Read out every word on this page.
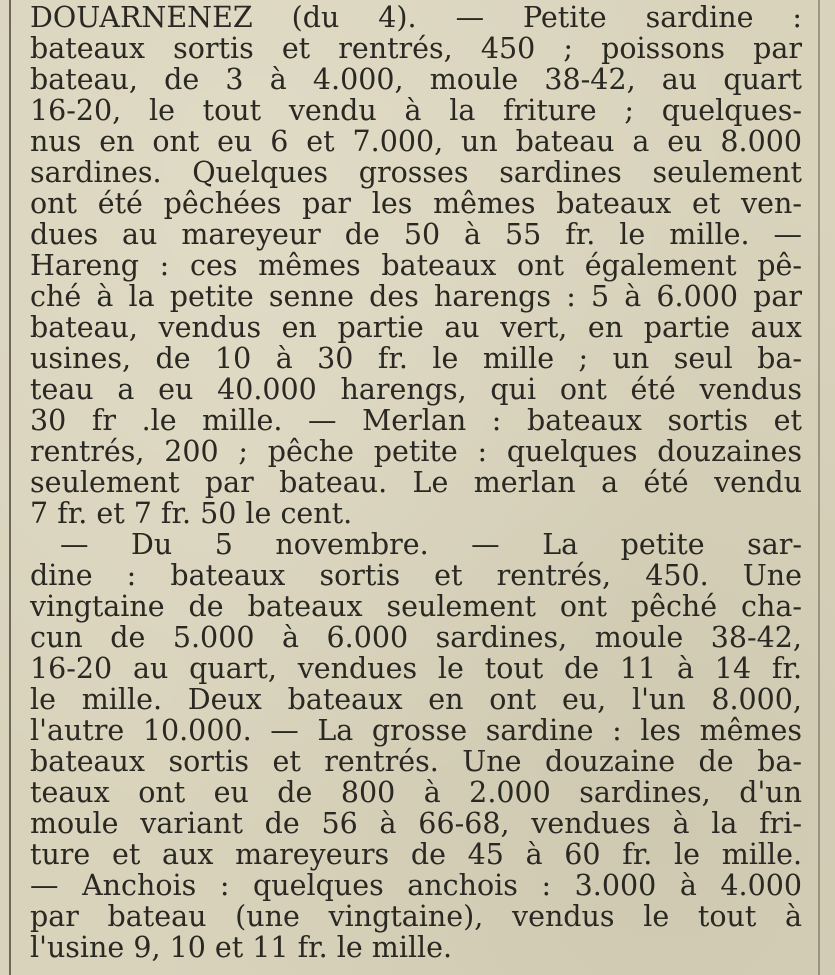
DOUARNENEZ (du 4). — Petite sardine :
bateaux sortis et rentrés, 450 ; poissons par
bateau, de 3 à 4.000, moule 38-42, au quart
16-20, le tout vendu à la friture ; quelques-
nus en ont eu 6 et 7.000, un bateau a eu 8.000
sardines. Quelques grosses sardines seulement
ont été pêchées par les mêmes bateaux et ven-
dues au mareyeur de 50 à 55 fr. le mille. —
Hareng : ces mêmes bateaux ont également pê-
ché à la petite senne des harengs : 5 à 6.000 par
bateau, vendus en partie au vert, en partie aux
usines, de 10 à 30 fr. le mille ; un seul ba-
teau a eu 40.000 harengs, qui ont été vendus
30 fr .le mille. — Merlan : bateaux sortis et
rentrés, 200 ; pêche petite : quelques douzaines
seulement par bateau. Le merlan a été vendu
7 fr. et 7 fr. 50 le cent.
— Du 5 novembre. — La petite sar-
dine : bateaux sortis et rentrés, 450. Une
vingtaine de bateaux seulement ont pêché cha-
cun de 5.000 à 6.000 sardines, moule 38-42,
16-20 au quart, vendues le tout de 11 à 14 fr.
le mille. Deux bateaux en ont eu, l'un 8.000,
l'autre 10.000. — La grosse sardine : les mêmes
bateaux sortis et rentrés. Une douzaine de ba-
teaux ont eu de 800 à 2.000 sardines, d'un
moule variant de 56 à 66-68, vendues à la fri-
ture et aux mareyeurs de 45 à 60 fr. le mille.
— Anchois : quelques anchois : 3.000 à 4.000
par bateau (une vingtaine), vendus le tout à
l'usine 9, 10 et 11 fr. le mille.
